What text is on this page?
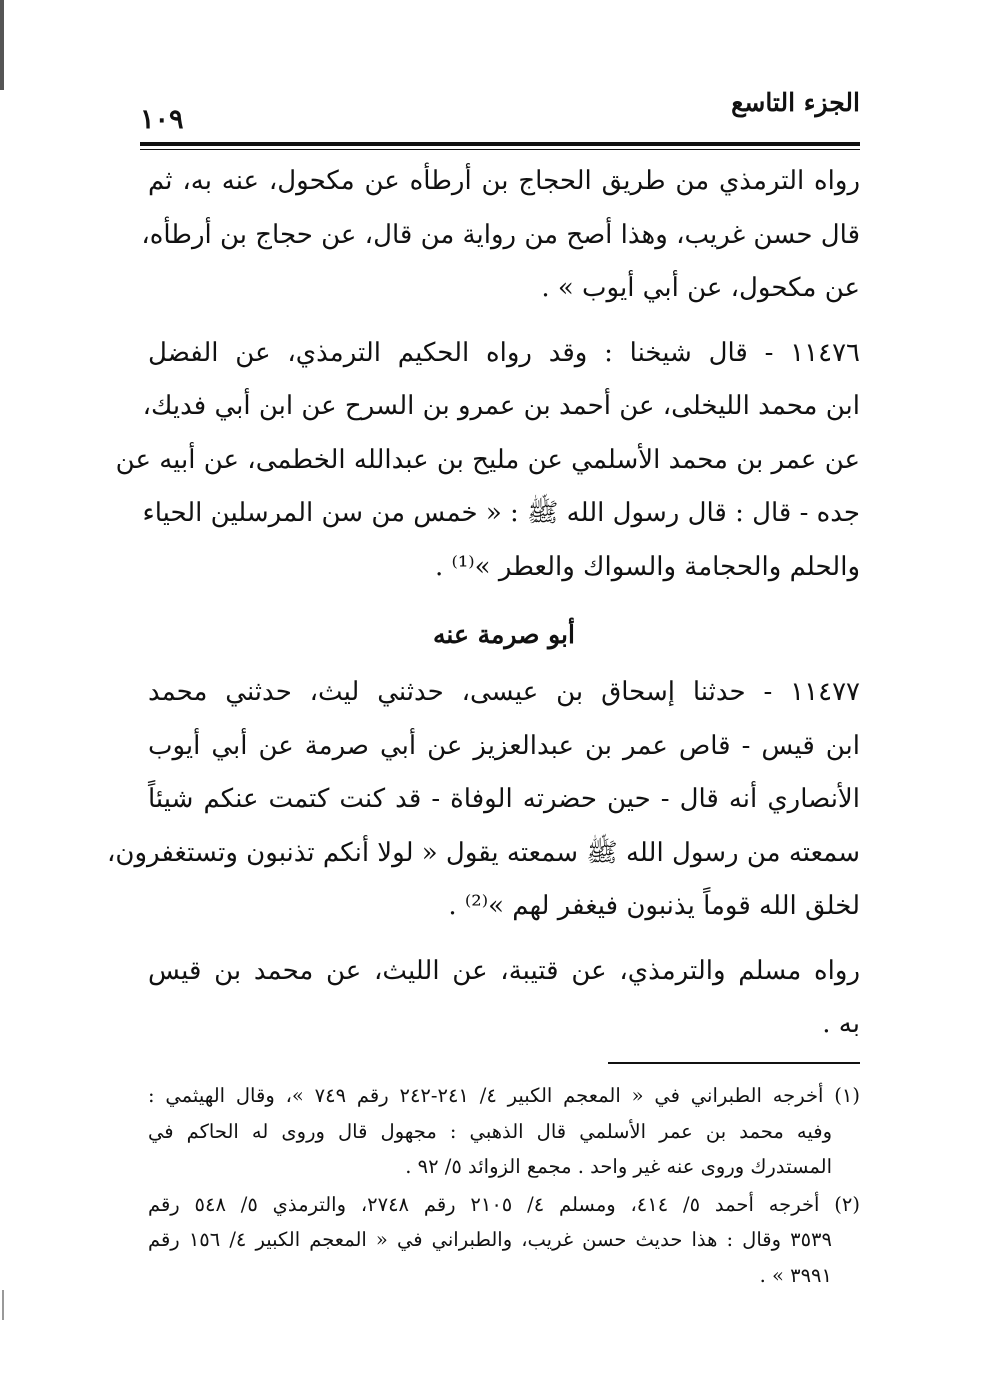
الجزء التاسع
١٠٩

رواه الترمذي من طريق الحجاج بن أرطأه عن مكحول، عنه به، ثم
قال حسن غريب، وهذا أصح من رواية من قال، عن حجاج بن أرطأه،
عن مكحول، عن أبي أيوب » .

١١٤٧٦ - قال شيخنا : وقد رواه الحكيم الترمذي، عن الفضل
ابن محمد الليخلى، عن أحمد بن عمرو بن السرح عن ابن أبي فديك،
عن عمر بن محمد الأسلمي عن مليح بن عبدالله الخطمى، عن أبيه عن
جده - قال : قال رسول الله ﷺ : « خمس من سن المرسلين الحياء
والحلم والحجامة والسواك والعطر »⁽¹⁾ .

أبو صرمة عنه

١١٤٧٧ - حدثنا إسحاق بن عيسى، حدثني ليث، حدثني محمد
ابن قيس - قاص عمر بن عبدالعزيز عن أبي صرمة عن أبي أيوب
الأنصاري أنه قال - حين حضرته الوفاة - قد كنت كتمت عنكم شيئاً
سمعته من رسول الله ﷺ سمعته يقول « لولا أنكم تذنبون وتستغفرون،
لخلق الله قوماً يذنبون فيغفر لهم »⁽²⁾ .

رواه مسلم والترمذي، عن قتيبة، عن الليث، عن محمد بن قيس
به .

(١) أخرجه الطبراني في « المعجم الكبير ٤/ ٢٤١-٢٤٢ رقم ٧٤٩ »، وقال الهيثمي :
وفيه محمد بن عمر الأسلمي قال الذهبي : مجهول قال وروى له الحاكم في
المستدرك وروى عنه غير واحد . مجمع الزوائد ٥/ ٩٢ .
(٢) أخرجه أحمد ٥/ ٤١٤، ومسلم ٤/ ٢١٠٥ رقم ٢٧٤٨، والترمذي ٥/ ٥٤٨ رقم
٣٥٣٩ وقال : هذا حديث حسن غريب، والطبراني في « المعجم الكبير ٤/ ١٥٦ رقم
٣٩٩١ » .
